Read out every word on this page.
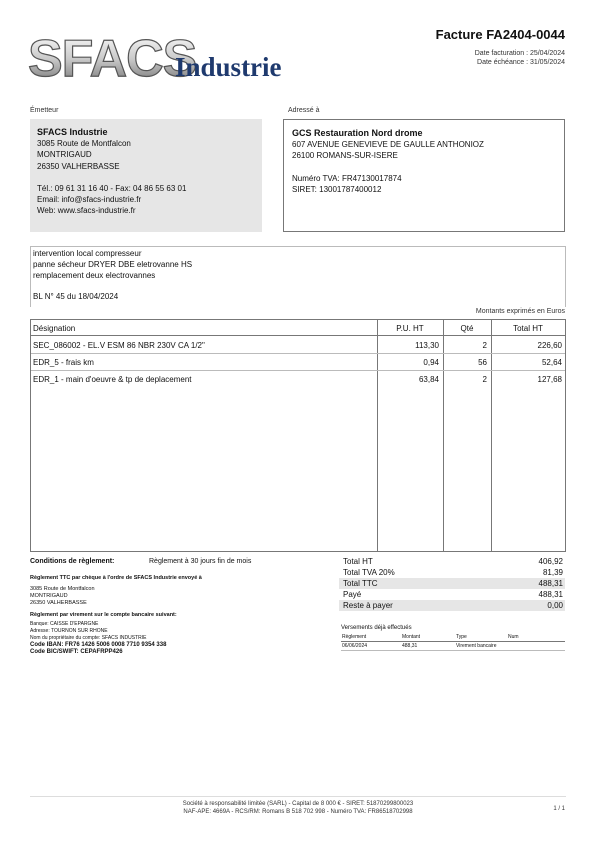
SFACS
Industrie
Facture FA2404-0044
Date facturation : 25/04/2024
Date échéance : 31/05/2024
Émetteur	Adressé à
SFACS Industrie
3085 Route de Montfalcon
MONTRIGAUD
26350 VALHERBASSE
Tél.: 09 61 31 16 40 - Fax: 04 86 55 63 01
Email: info@sfacs-industrie.fr
Web: www.sfacs-industrie.fr
GCS Restauration Nord drome
607 AVENUE GENEVIEVE DE GAULLE ANTHONIOZ
26100 ROMANS-SUR-ISERE
Numéro TVA: FR47130017874
SIRET: 13001787400012
intervention local compresseur
panne sécheur DRYER DBE eletrovanne HS
remplacement deux electrovannes
BL N° 45 du 18/04/2024
Montants exprimés en Euros
Désignation	P.U. HT	Qté	Total HT
SEC_086002 - EL.V ESM 86 NBR 230V CA 1/2"	113,30	2	226,60
EDR_5 - frais km	0,94	56	52,64
EDR_1 - main d'oeuvre & tp de deplacement	63,84	2	127,68
Conditions de règlement:	Règlement à 30 jours fin de mois
Règlement TTC par chèque à l'ordre de SFACS Industrie envoyé à
3085 Route de Montfalcon
MONTRIGAUD
26350 VALHERBASSE
Règlement par virement sur le compte bancaire suivant:
Banque: CAISSE D'EPARGNE
Adresse: TOURNON SUR RHONE
Nom du propriétaire du compte: SFACS INDUSTRIE
Code IBAN: FR76 1426 5006 0008 7710 9354 338
Code BIC/SWIFT: CEPAFRPP426
Total HT	406,92
Total TVA 20%	81,39
Total TTC	488,31
Payé	488,31
Reste à payer	0,00
Versements déjà effectués
Règlement	Montant	Type	Num
06/06/2024	488,31	Virement bancaire
Société à responsabilité limitée (SARL) - Capital de 8 000 € - SIRET: 51870299800023
NAF-APE: 4669A - RCS/RM: Romans B 518 702 998 - Numéro TVA: FR86518702998	1 / 1
